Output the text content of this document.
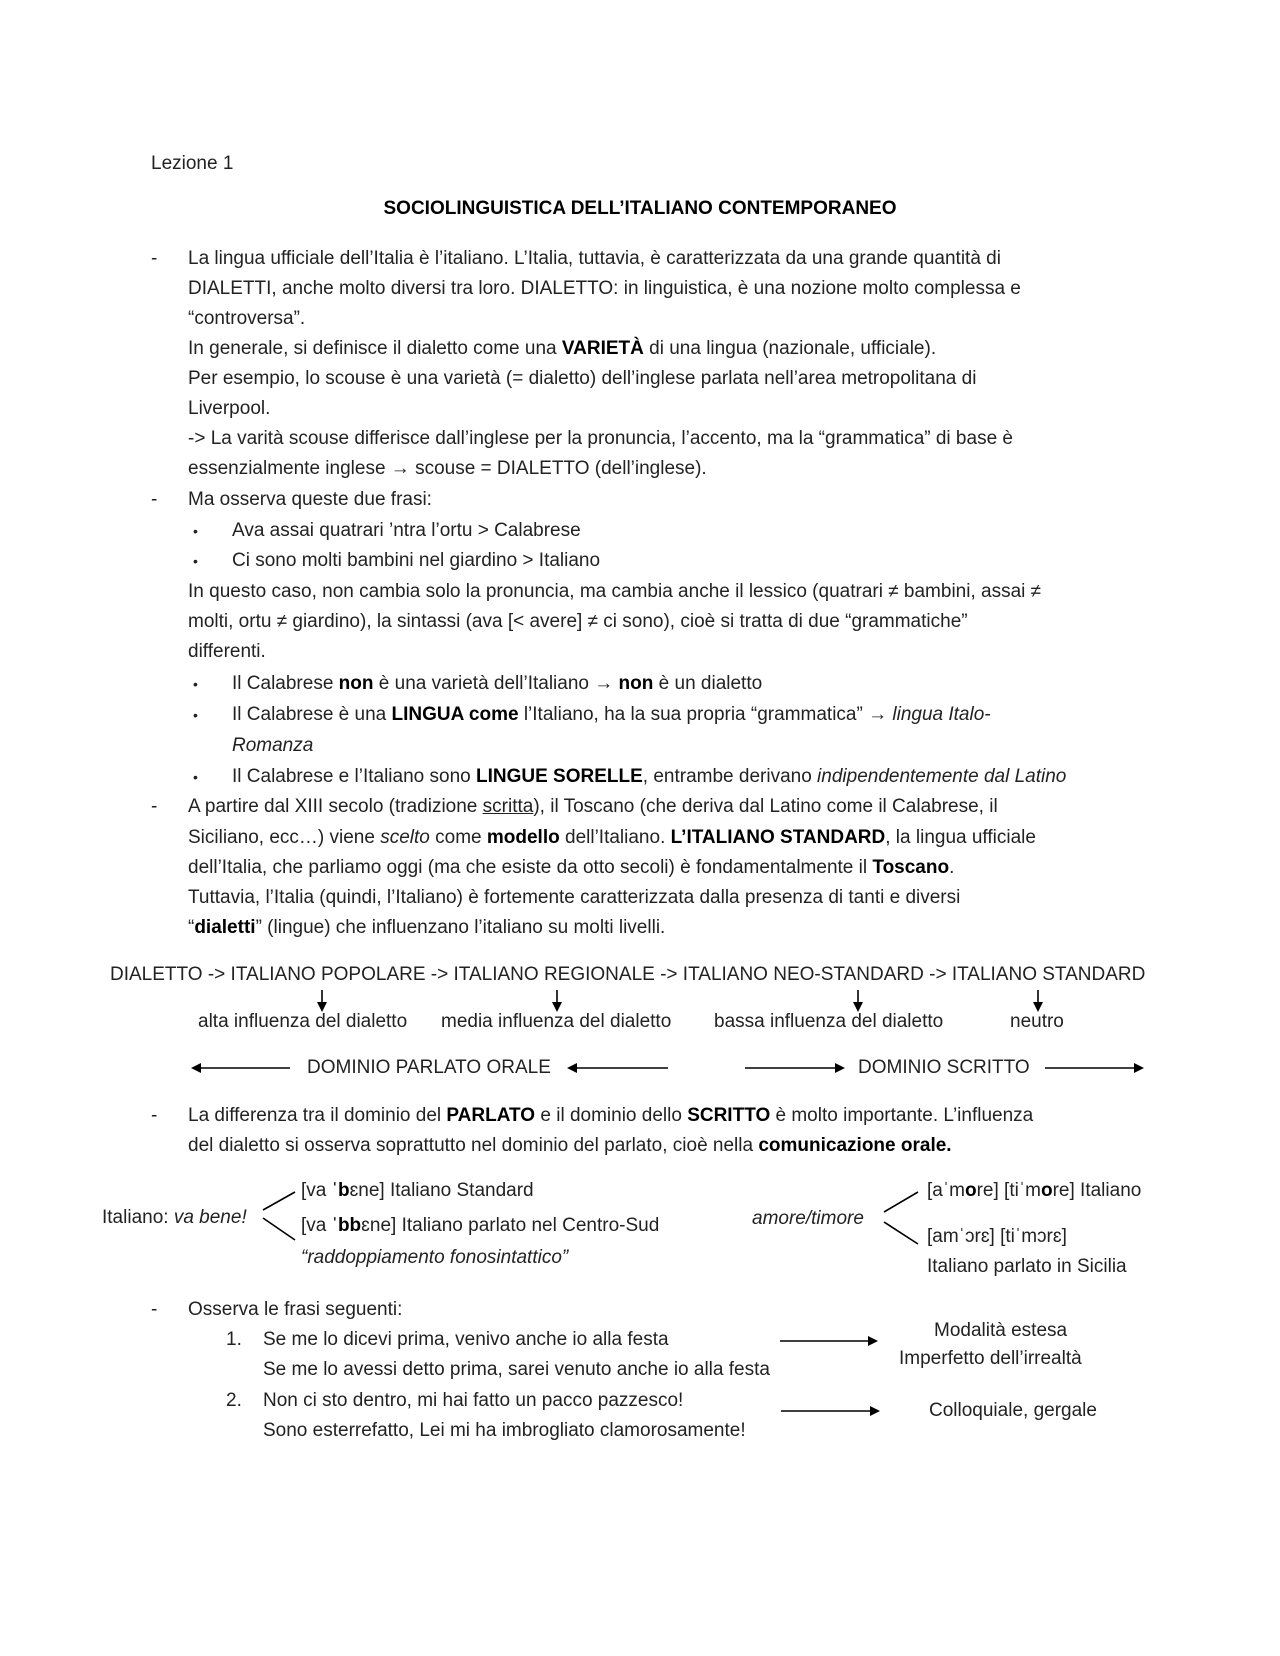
Lezione 1
SOCIOLINGUISTICA DELL’ITALIANO CONTEMPORANEO
- La lingua ufficiale dell’Italia è l’italiano. L’Italia, tuttavia, è caratterizzata da una grande quantità di
DIALETTI, anche molto diversi tra loro. DIALETTO: in linguistica, è una nozione molto complessa e
“controversa”.
In generale, si definisce il dialetto come una VARIETÀ di una lingua (nazionale, ufficiale).
Per esempio, lo scouse è una varietà (= dialetto) dell’inglese parlata nell’area metropolitana di
Liverpool.
-> La varità scouse differisce dall’inglese per la pronuncia, l’accento, ma la “grammatica” di base è
essenzialmente inglese → scouse = DIALETTO (dell’inglese).
- Ma osserva queste due frasi:
• Ava assai quatrari ’ntra l’ortu > Calabrese
• Ci sono molti bambini nel giardino > Italiano
In questo caso, non cambia solo la pronuncia, ma cambia anche il lessico (quatrari ≠ bambini, assai ≠
molti, ortu ≠ giardino), la sintassi (ava [< avere] ≠ ci sono), cioè si tratta di due “grammatiche”
differenti.
• Il Calabrese non è una varietà dell’Italiano → non è un dialetto
• Il Calabrese è una LINGUA come l’Italiano, ha la sua propria “grammatica” → lingua Italo-
Romanza
• Il Calabrese e l’Italiano sono LINGUE SORELLE, entrambe derivano indipendentemente dal Latino
- A partire dal XIII secolo (tradizione scritta), il Toscano (che deriva dal Latino come il Calabrese, il
Siciliano, ecc…) viene scelto come modello dell’Italiano. L’ITALIANO STANDARD, la lingua ufficiale
dell’Italia, che parliamo oggi (ma che esiste da otto secoli) è fondamentalmente il Toscano.
Tuttavia, l’Italia (quindi, l’Italiano) è fortemente caratterizzata dalla presenza di tanti e diversi
“dialetti” (lingue) che influenzano l’italiano su molti livelli.
DIALETTO -> ITALIANO POPOLARE -> ITALIANO REGIONALE -> ITALIANO NEO-STANDARD -> ITALIANO STANDARD
alta influenza del dialetto media influenza del dialetto bassa influenza del dialetto	neutro
DOMINIO PARLATO ORALE	DOMINIO SCRITTO
- La differenza tra il dominio del PARLATO e il dominio dello SCRITTO è molto importante. L’influenza
del dialetto si osserva soprattutto nel dominio del parlato, cioè nella comunicazione orale.
Italiano: va bene!
[va ˈbɛne] Italiano Standard
[va ˈbbɛne] Italiano parlato nel Centro-Sud
“raddoppiamento fonosintattico”
amore/timore
[aˈmore] [tiˈmore] Italiano
[amˈɔrɛ] [tiˈmɔrɛ]
Italiano parlato in Sicilia
- Osserva le frasi seguenti:
1. Se me lo dicevi prima, venivo anche io alla festa
Se me lo avessi detto prima, sarei venuto anche io alla festa
2. Non ci sto dentro, mi hai fatto un pacco pazzesco!
Sono esterrefatto, Lei mi ha imbrogliato clamorosamente!
Modalità estesa
Imperfetto dell’irrealtà
Colloquiale, gergale
